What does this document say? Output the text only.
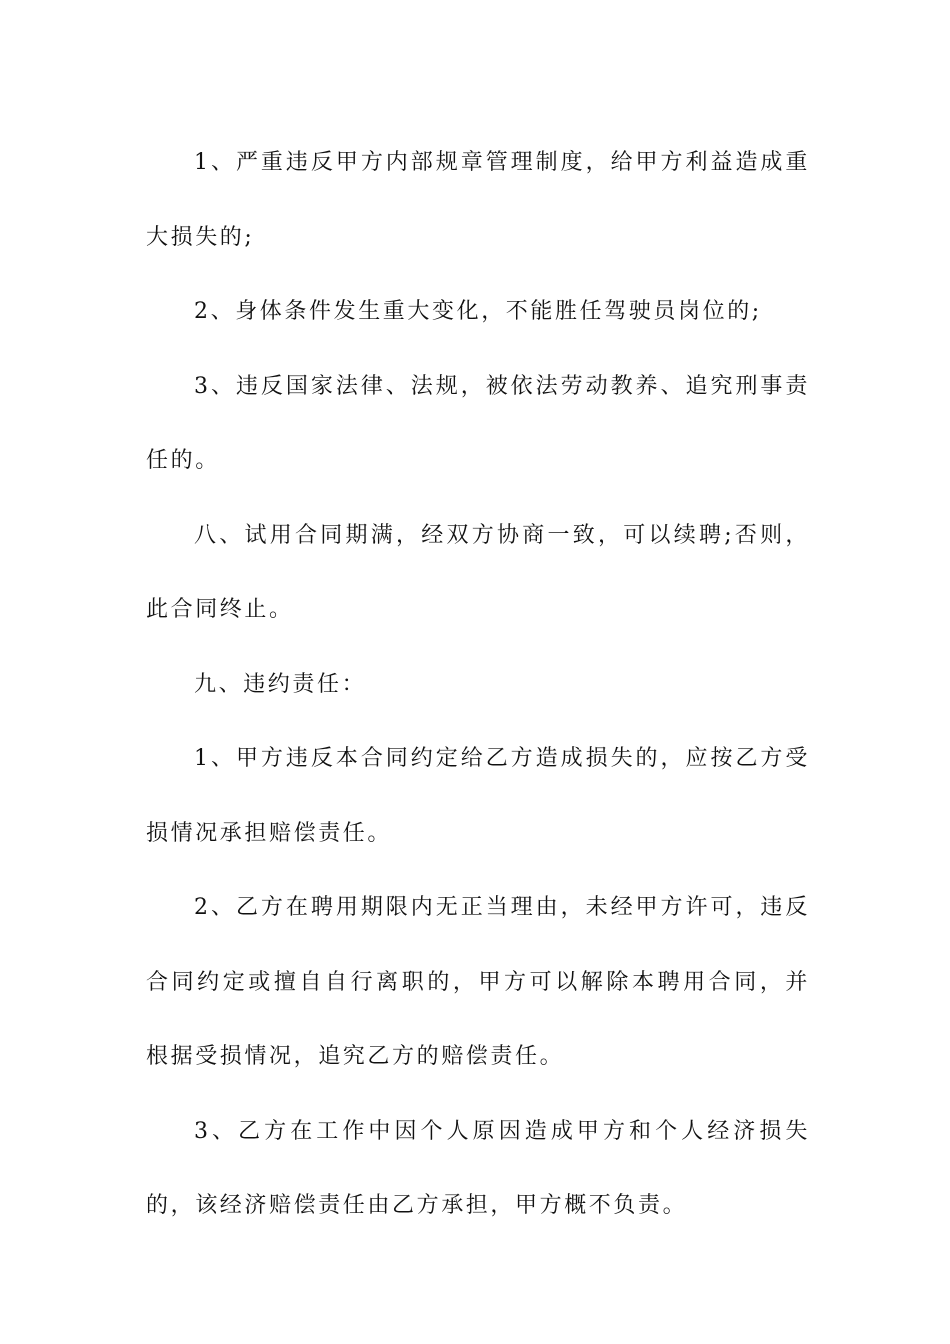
1、严重违反甲方内部规章管理制度，给甲方利益造成重大损失的;

2、身体条件发生重大变化，不能胜任驾驶员岗位的;

3、违反国家法律、法规，被依法劳动教养、追究刑事责任的。

八、试用合同期满，经双方协商一致，可以续聘;否则，此合同终止。

九、违约责任：

1、甲方违反本合同约定给乙方造成损失的，应按乙方受损情况承担赔偿责任。

2、乙方在聘用期限内无正当理由，未经甲方许可，违反合同约定或擅自自行离职的，甲方可以解除本聘用合同，并根据受损情况，追究乙方的赔偿责任。

3、乙方在工作中因个人原因造成甲方和个人经济损失的，该经济赔偿责任由乙方承担，甲方概不负责。
